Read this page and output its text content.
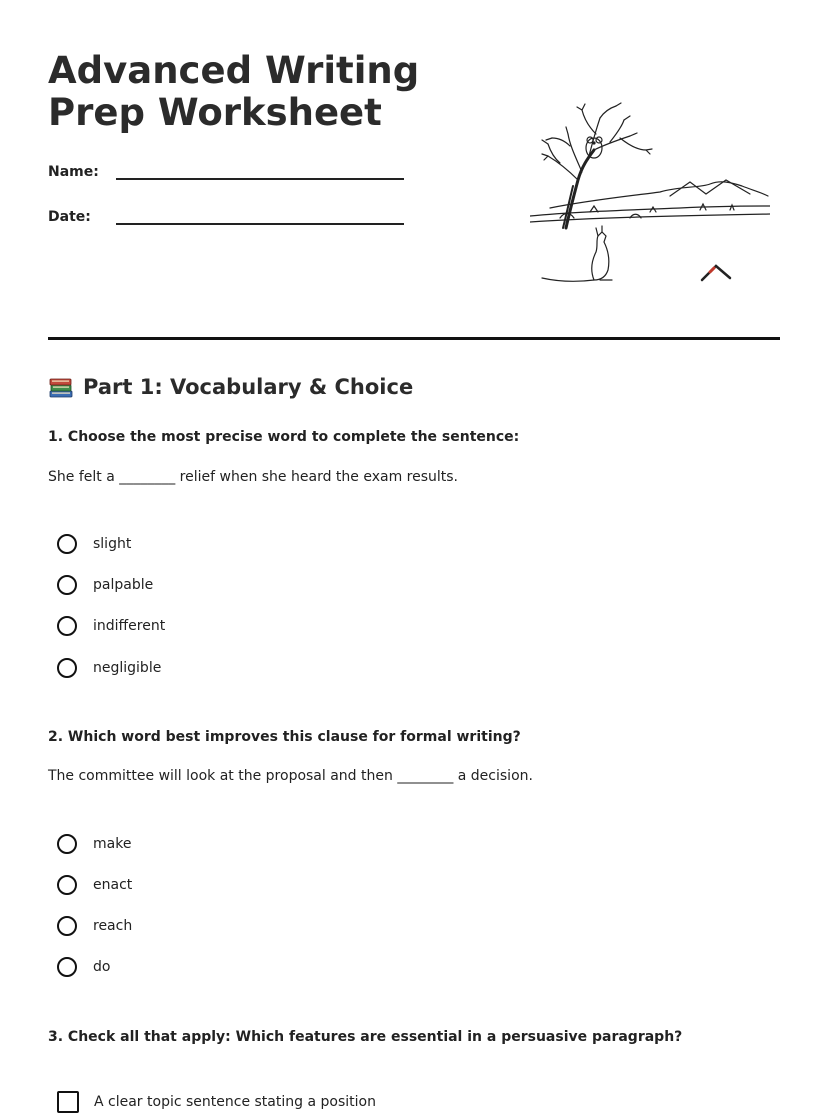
Advanced Writing Prep Worksheet
Name:
Date:
Part 1: Vocabulary & Choice

1. Choose the most precise word to complete the sentence:

She felt a ________ relief when she heard the exam results.

slight
palpable
indifferent
negligible

2. Which word best improves this clause for formal writing?

The committee will look at the proposal and then ________ a decision.

make
enact
reach
do

3. Check all that apply: Which features are essential in a persuasive paragraph?

A clear topic sentence stating a position
